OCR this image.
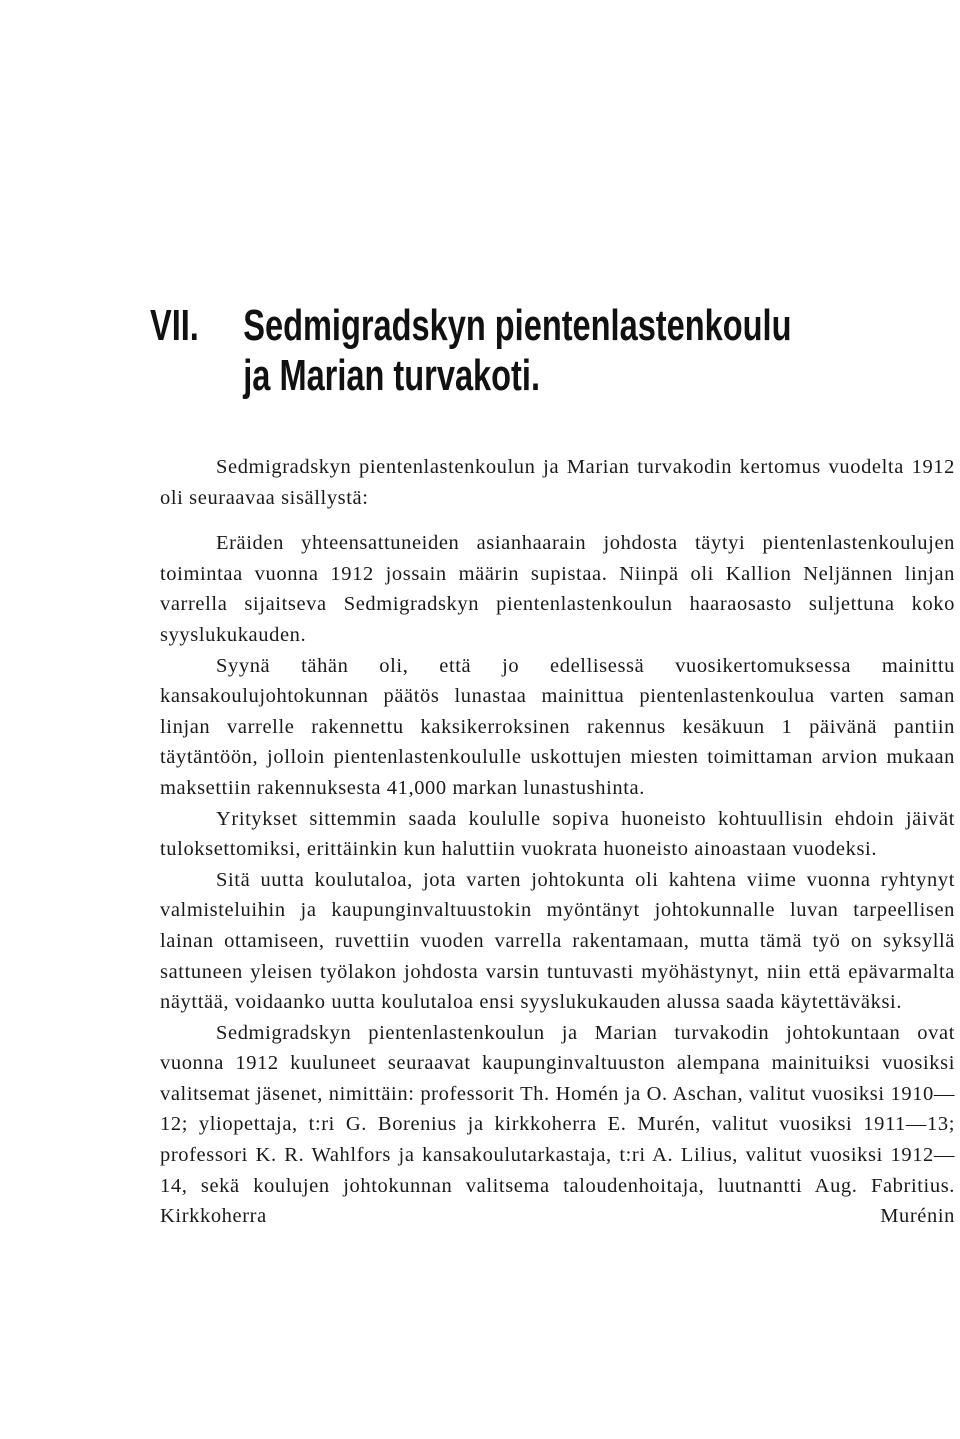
VII. Sedmigradskyn pientenlastenkoulu
ja Marian turvakoti.

Sedmigradskyn pientenlastenkoulun ja Marian turvakodin kertomus vuodelta 1912 oli seuraavaa sisällystä:

Eräiden yhteensattuneiden asianhaarain johdosta täytyi pientenlastenkoulujen toimintaa vuonna 1912 jossain määrin supistaa. Niinpä oli Kallion Neljännen linjan varrella sijaitseva Sedmigradskyn pientenlastenkoulun haaraosasto suljettuna koko syyslukukauden.

Syynä tähän oli, että jo edellisessä vuosikertomuksessa mainittu kansakoulujohtokunnan päätös lunastaa mainittua pientenlastenkoulua varten saman linjan varrelle rakennettu kaksikerroksinen rakennus kesäkuun 1 päivänä pantiin täytäntöön, jolloin pientenlastenkoululle uskottujen miesten toimittaman arvion mukaan maksettiin rakennuksesta 41,000 markan lunastushinta.

Yritykset sittemmin saada koululle sopiva huoneisto kohtuullisin ehdoin jäivät tuloksettomiksi, erittäinkin kun haluttiin vuokrata huoneisto ainoastaan vuodeksi.

Sitä uutta koulutaloa, jota varten johtokunta oli kahtena viime vuonna ryhtynyt valmisteluihin ja kaupunginvaltuustokin myöntänyt johtokunnalle luvan tarpeellisen lainan ottamiseen, ruvettiin vuoden varrella rakentamaan, mutta tämä työ on syksyllä sattuneen yleisen työlakon johdosta varsin tuntuvasti myöhästynyt, niin että epävarmalta näyttää, voidaanko uutta koulutaloa ensi syyslukukauden alussa saada käytettäväksi.

Sedmigradskyn pientenlastenkoulun ja Marian turvakodin johtokuntaan ovat vuonna 1912 kuuluneet seuraavat kaupunginvaltuuston alempana mainituiksi vuosiksi valitsemat jäsenet, nimittäin: professorit Th. Homén ja O. Aschan, valitut vuosiksi 1910—12; yliopettaja, t:ri G. Borenius ja kirkkoherra E. Murén, valitut vuosiksi 1911—13; professori K. R. Wahlfors ja kansakoulutarkastaja, t:ri A. Lilius, valitut vuosiksi 1912—14, sekä koulujen johtokunnan valitsema taloudenhoitaja, luutnantti Aug. Fabritius. Kirkkoherra Murénin
